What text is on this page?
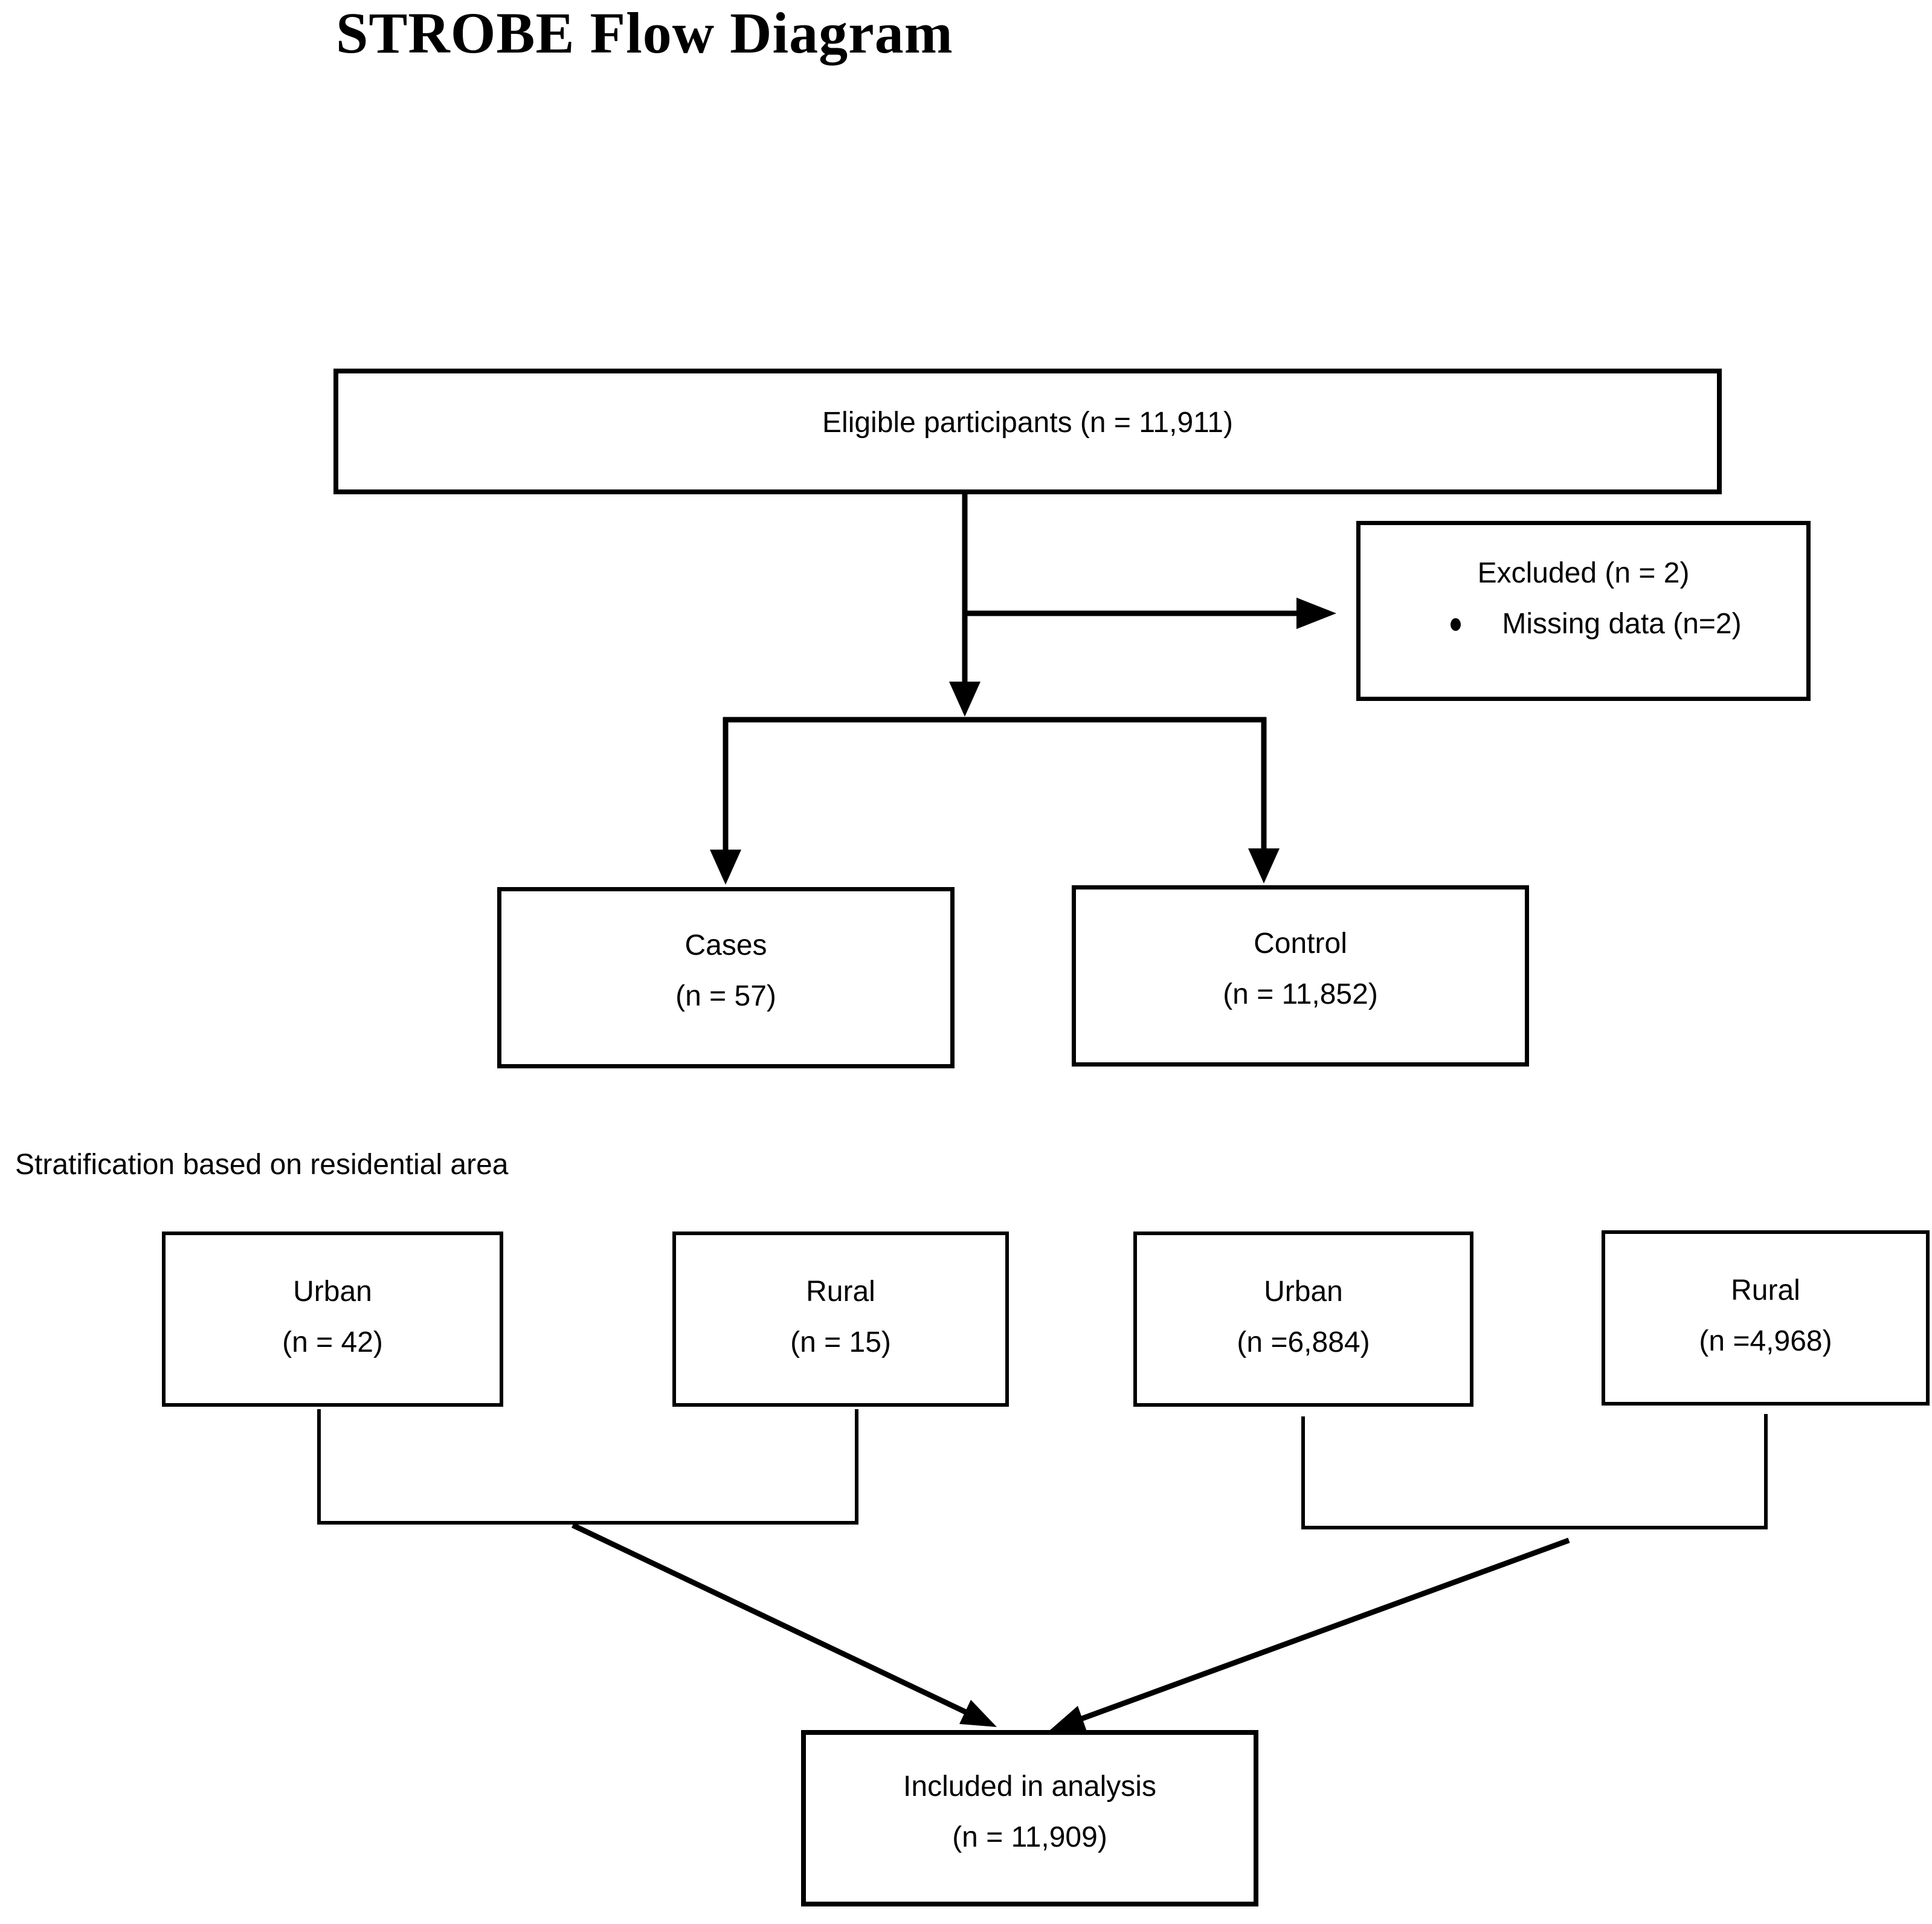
STROBE Flow Diagram
Eligible participants (n = 11,911)
Excluded (n = 2)
Missing data (n=2)
Cases
(n = 57)
Control
(n = 11,852)
Stratification based on residential area
Urban
(n = 42)
Rural
(n = 15)
Urban
(n =6,884)
Rural
(n =4,968)
Included in analysis
(n = 11,909)
